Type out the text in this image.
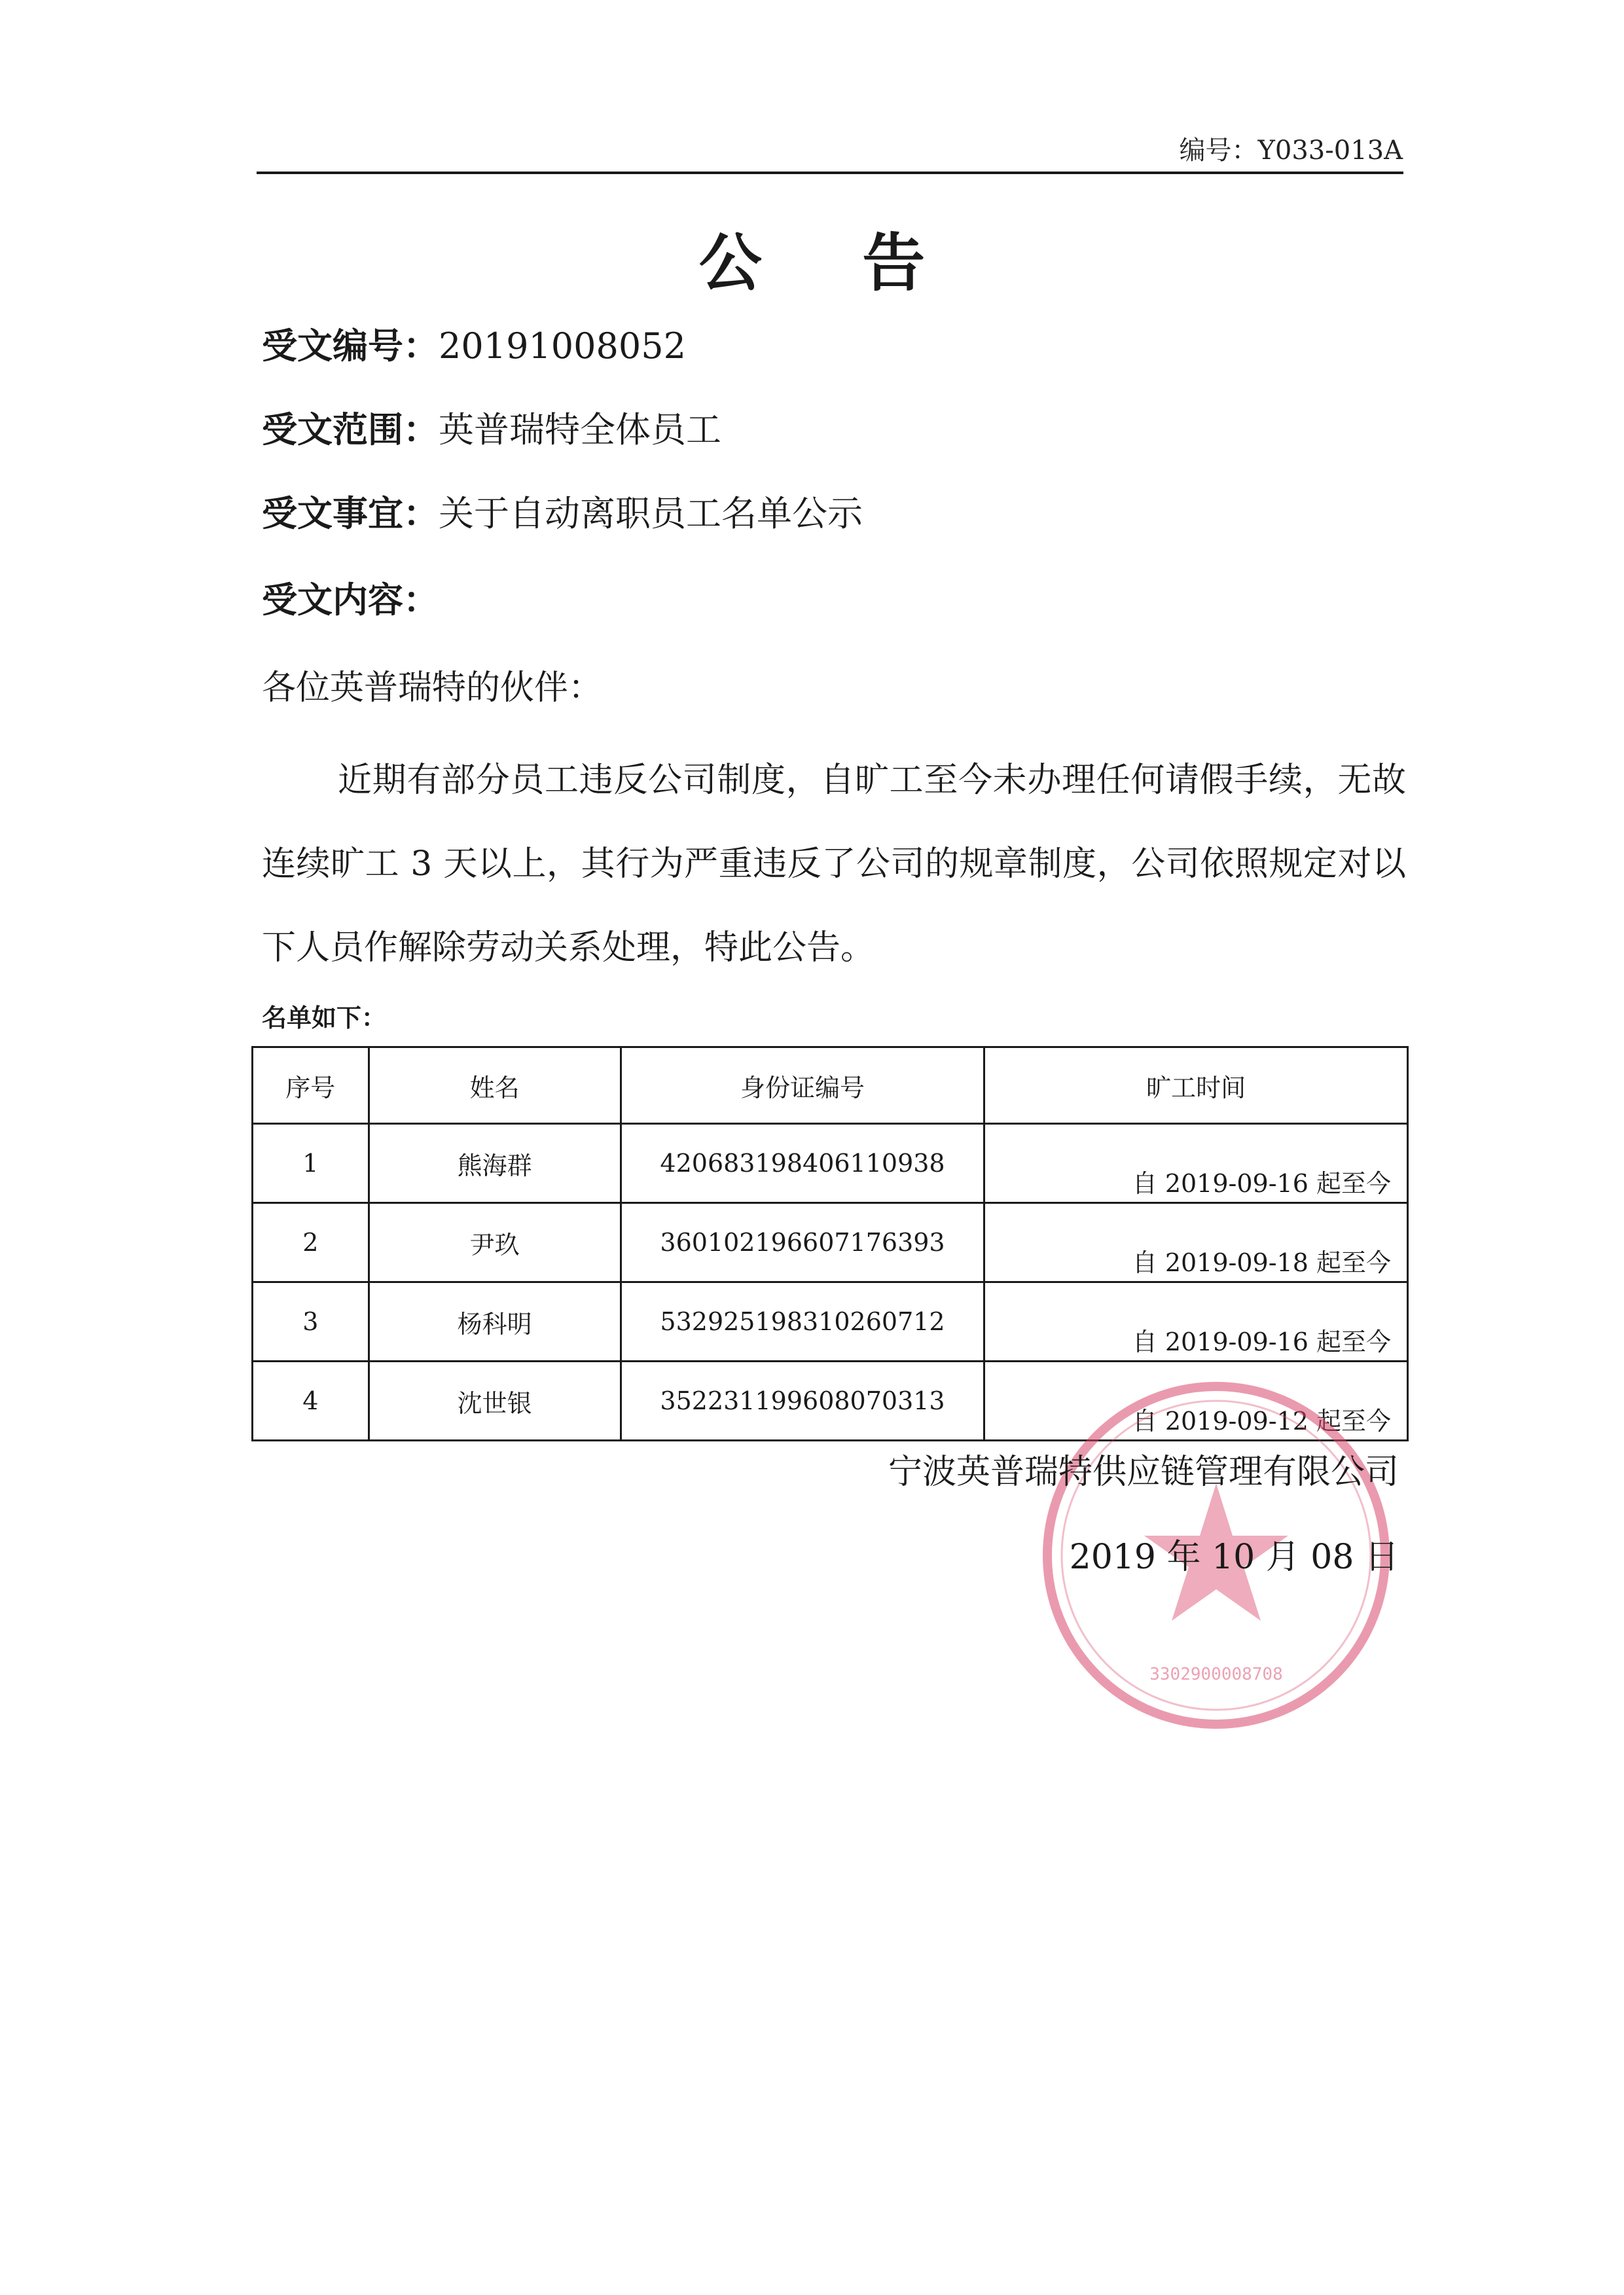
编号：Y033-013A
公 告
受文编号：20191008052
受文范围：英普瑞特全体员工
受文事宜：关于自动离职员工名单公示
受文内容：
各位英普瑞特的伙伴：
近期有部分员工违反公司制度，自旷工至今未办理任何请假手续，无故连续旷工 3 天以上，其行为严重违反了公司的规章制度，公司依照规定对以下人员作解除劳动关系处理，特此公告。
名单如下：
序号	姓名	身份证编号	旷工时间
1	熊海群	420683198406110938	自 2019-09-16 起至今
2	尹玖	360102196607176393	自 2019-09-18 起至今
3	杨科明	532925198310260712	自 2019-09-16 起至今
4	沈世银	352231199608070313	自 2019-09-12 起至今
3302900008708
宁波英普瑞特供应链管理有限公司
2019 年 10 月 08 日
